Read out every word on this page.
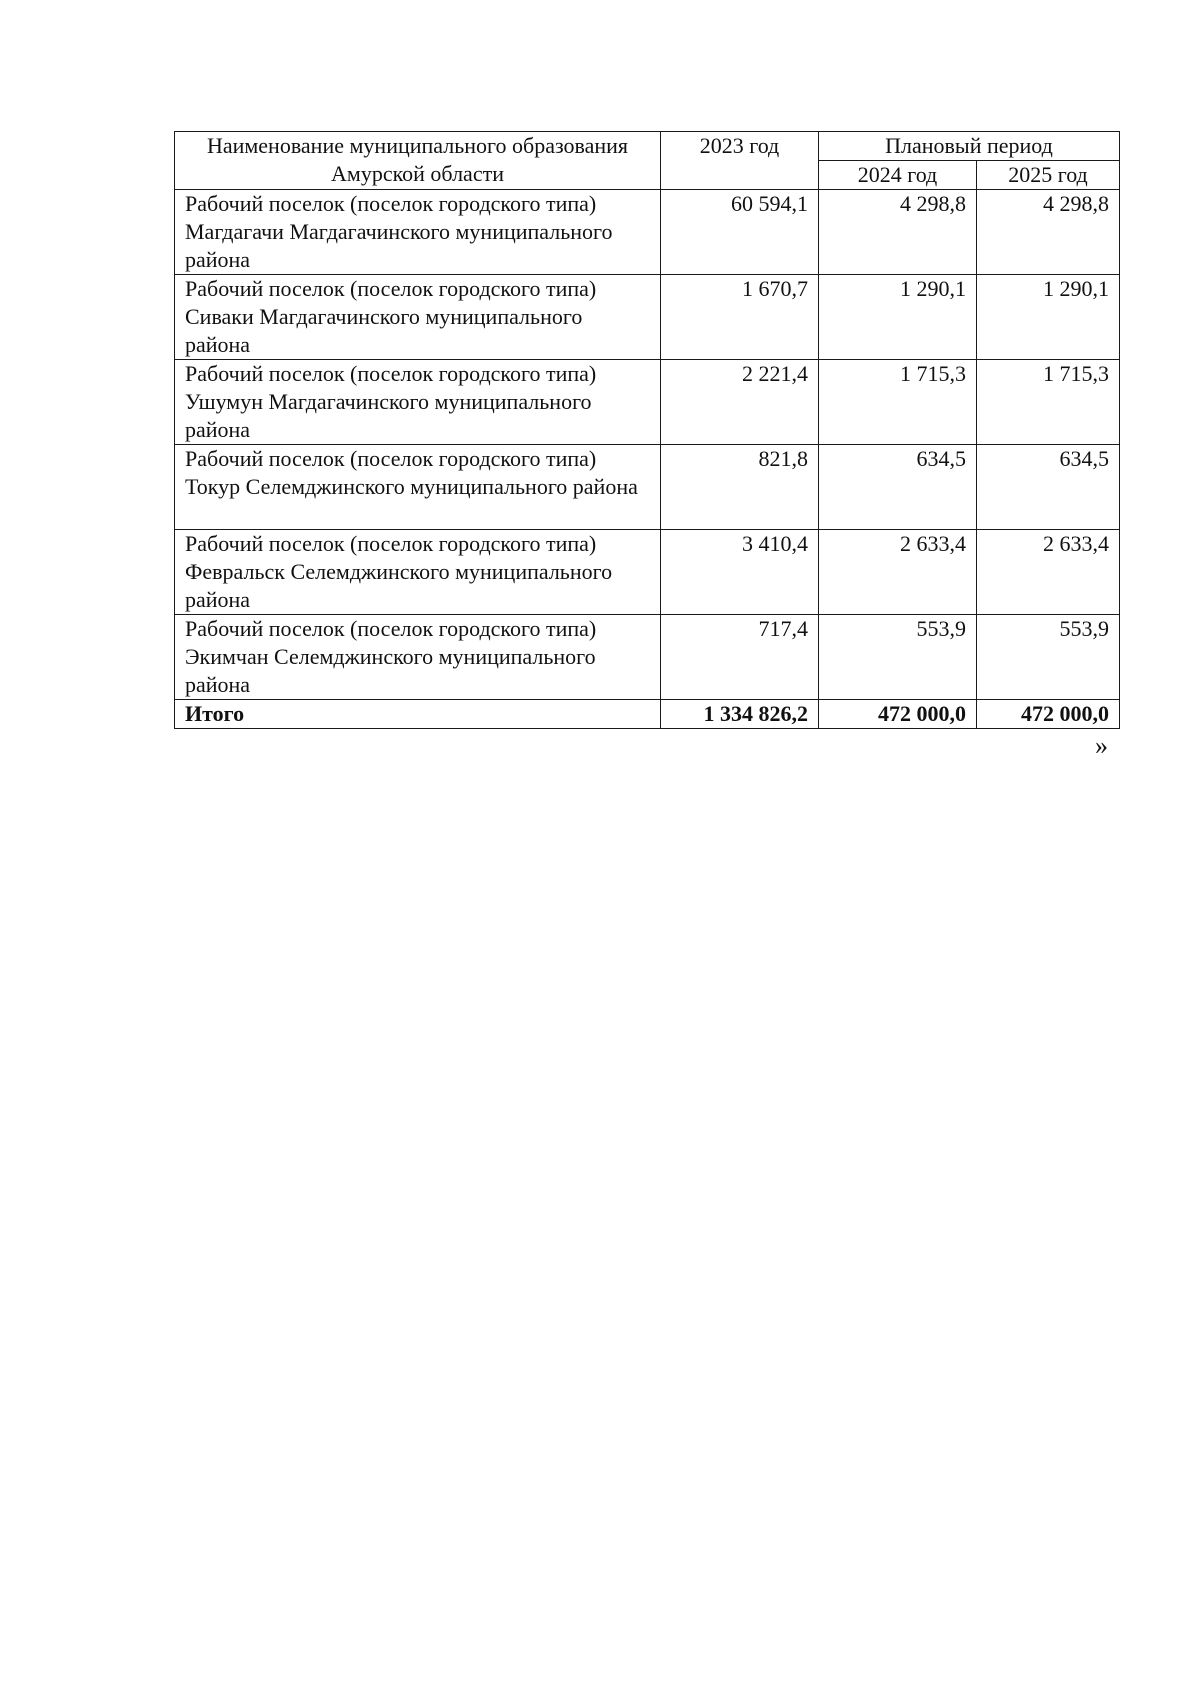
Наименование муниципального образования Амурской области	2023 год	Плановый период	
		2024 год	2025 год
Рабочий поселок (поселок городского типа) Магдагачи Магдагачинского муниципального района	60 594,1	4 298,8	4 298,8
Рабочий поселок (поселок городского типа) Сиваки Магдагачинского муниципального района	1 670,7	1 290,1	1 290,1
Рабочий поселок (поселок городского типа) Ушумун Магдагачинского муниципального района	2 221,4	1 715,3	1 715,3
Рабочий поселок (поселок городского типа) Токур Селемджинского муниципального района	821,8	634,5	634,5
Рабочий поселок (поселок городского типа) Февральск Селемджинского муниципального района	3 410,4	2 633,4	2 633,4
Рабочий поселок (поселок городского типа) Экимчан Селемджинского муниципального района	717,4	553,9	553,9
Итого	1 334 826,2	472 000,0	472 000,0
»
